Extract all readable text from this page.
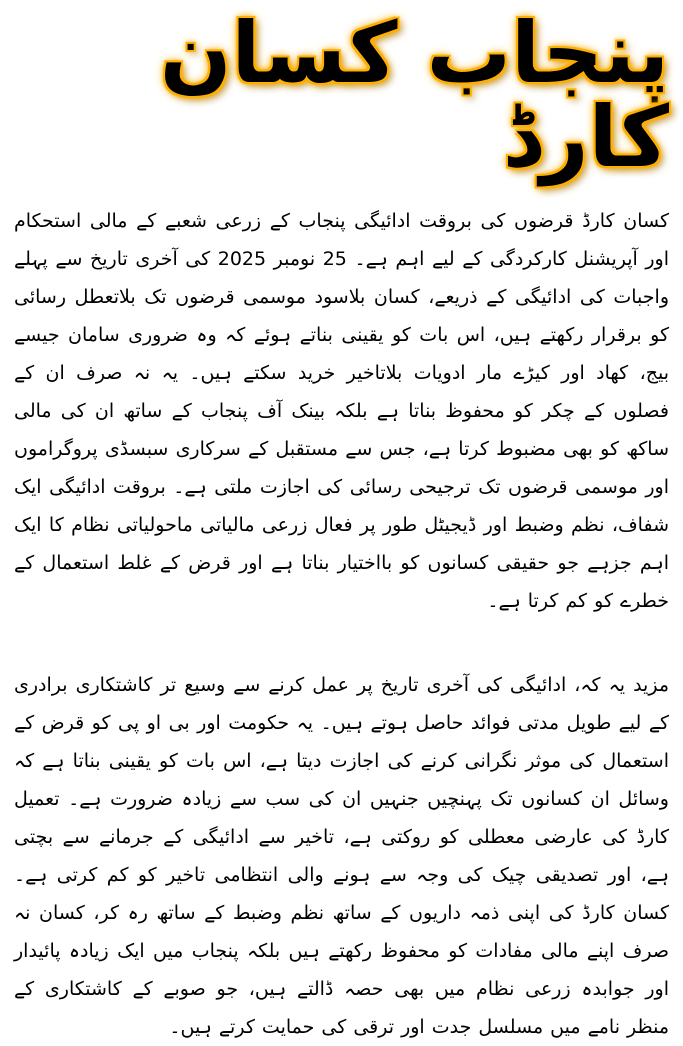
پنجاب کسان کارڈ

کسان کارڈ قرضوں کی بروقت ادائیگی پنجاب کے زرعی شعبے کے مالی استحکام اور آپریشنل کارکردگی کے لیے اہم ہے۔ 25 نومبر 2025 کی آخری تاریخ سے پہلے واجبات کی ادائیگی کے ذریعے، کسان بلاسود موسمی قرضوں تک بلاتعطل رسائی کو برقرار رکھتے ہیں، اس بات کو یقینی بناتے ہوئے کہ وہ ضروری سامان جیسے بیج، کھاد اور کیڑے مار ادویات بلاتاخیر خرید سکتے ہیں۔ یہ نہ صرف ان کے فصلوں کے چکر کو محفوظ بناتا ہے بلکہ بینک آف پنجاب کے ساتھ ان کی مالی ساکھ کو بھی مضبوط کرتا ہے، جس سے مستقبل کے سرکاری سبسڈی پروگراموں اور موسمی قرضوں تک ترجیحی رسائی کی اجازت ملتی ہے۔ بروقت ادائیگی ایک شفاف، نظم وضبط اور ڈیجیٹل طور پر فعال زرعی مالیاتی ماحولیاتی نظام کا ایک اہم جزہے جو حقیقی کسانوں کو بااختیار بناتا ہے اور قرض کے غلط استعمال کے خطرے کو کم کرتا ہے۔

مزید یہ کہ، ادائیگی کی آخری تاریخ پر عمل کرنے سے وسیع تر کاشتکاری برادری کے لیے طویل مدتی فوائد حاصل ہوتے ہیں۔ یہ حکومت اور بی او پی کو قرض کے استعمال کی موثر نگرانی کرنے کی اجازت دیتا ہے، اس بات کو یقینی بناتا ہے کہ وسائل ان کسانوں تک پہنچیں جنہیں ان کی سب سے زیادہ ضرورت ہے۔ تعمیل کارڈ کی عارضی معطلی کو روکتی ہے، تاخیر سے ادائیگی کے جرمانے سے بچتی ہے، اور تصدیقی چیک کی وجہ سے ہونے والی انتظامی تاخیر کو کم کرتی ہے۔ کسان کارڈ کی اپنی ذمہ داریوں کے ساتھ نظم وضبط کے ساتھ رہ کر، کسان نہ صرف اپنے مالی مفادات کو محفوظ رکھتے ہیں بلکہ پنجاب میں ایک زیادہ پائیدار اور جوابدہ زرعی نظام میں بھی حصہ ڈالتے ہیں، جو صوبے کے کاشتکاری کے منظر نامے میں مسلسل جدت اور ترقی کی حمایت کرتے ہیں۔
